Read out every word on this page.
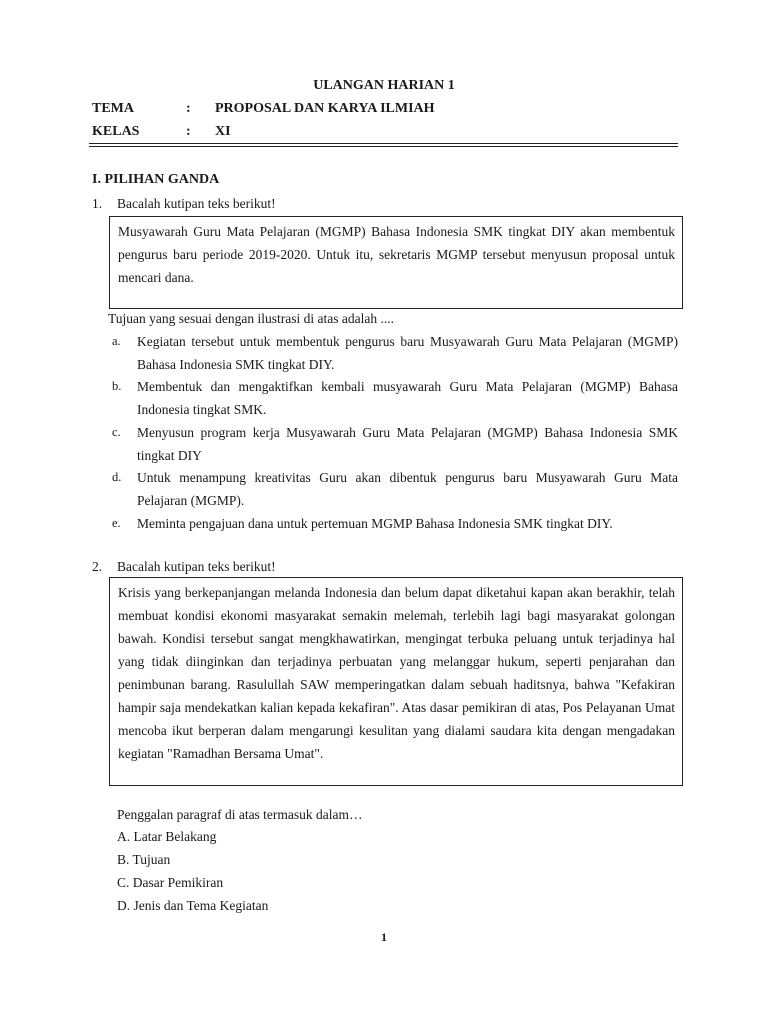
ULANGAN HARIAN 1
TEMA	: PROPOSAL DAN KARYA ILMIAH
KELAS	: XI
I. PILIHAN GANDA
1. Bacalah kutipan teks berikut!
Musyawarah Guru Mata Pelajaran (MGMP) Bahasa Indonesia SMK tingkat DIY akan membentuk pengurus baru periode 2019-2020. Untuk itu, sekretaris MGMP tersebut menyusun proposal untuk mencari dana.
Tujuan yang sesuai dengan ilustrasi di atas adalah ....
a. Kegiatan tersebut untuk membentuk pengurus baru Musyawarah Guru Mata Pelajaran (MGMP) Bahasa Indonesia SMK tingkat DIY.
b. Membentuk dan mengaktifkan kembali musyawarah Guru Mata Pelajaran (MGMP) Bahasa Indonesia tingkat SMK.
c. Menyusun program kerja Musyawarah Guru Mata Pelajaran (MGMP) Bahasa Indonesia SMK tingkat DIY
d. Untuk menampung kreativitas Guru akan dibentuk pengurus baru Musyawarah Guru Mata Pelajaran (MGMP).
e. Meminta pengajuan dana untuk pertemuan MGMP Bahasa Indonesia SMK tingkat DIY.
2. Bacalah kutipan teks berikut!
Krisis yang berkepanjangan melanda Indonesia dan belum dapat diketahui kapan akan berakhir, telah membuat kondisi ekonomi masyarakat semakin melemah, terlebih lagi bagi masyarakat golongan bawah. Kondisi tersebut sangat mengkhawatirkan, mengingat terbuka peluang untuk terjadinya hal yang tidak diinginkan dan terjadinya perbuatan yang melanggar hukum, seperti penjarahan dan penimbunan barang. Rasulullah SAW memperingatkan dalam sebuah haditsnya, bahwa "Kefakiran hampir saja mendekatkan kalian kepada kekafiran". Atas dasar pemikiran di atas, Pos Pelayanan Umat mencoba ikut berperan dalam mengarungi kesulitan yang dialami saudara kita dengan mengadakan kegiatan "Ramadhan Bersama Umat".
Penggalan paragraf di atas termasuk dalam…
A. Latar Belakang
B. Tujuan
C. Dasar Pemikiran
D. Jenis dan Tema Kegiatan
1
